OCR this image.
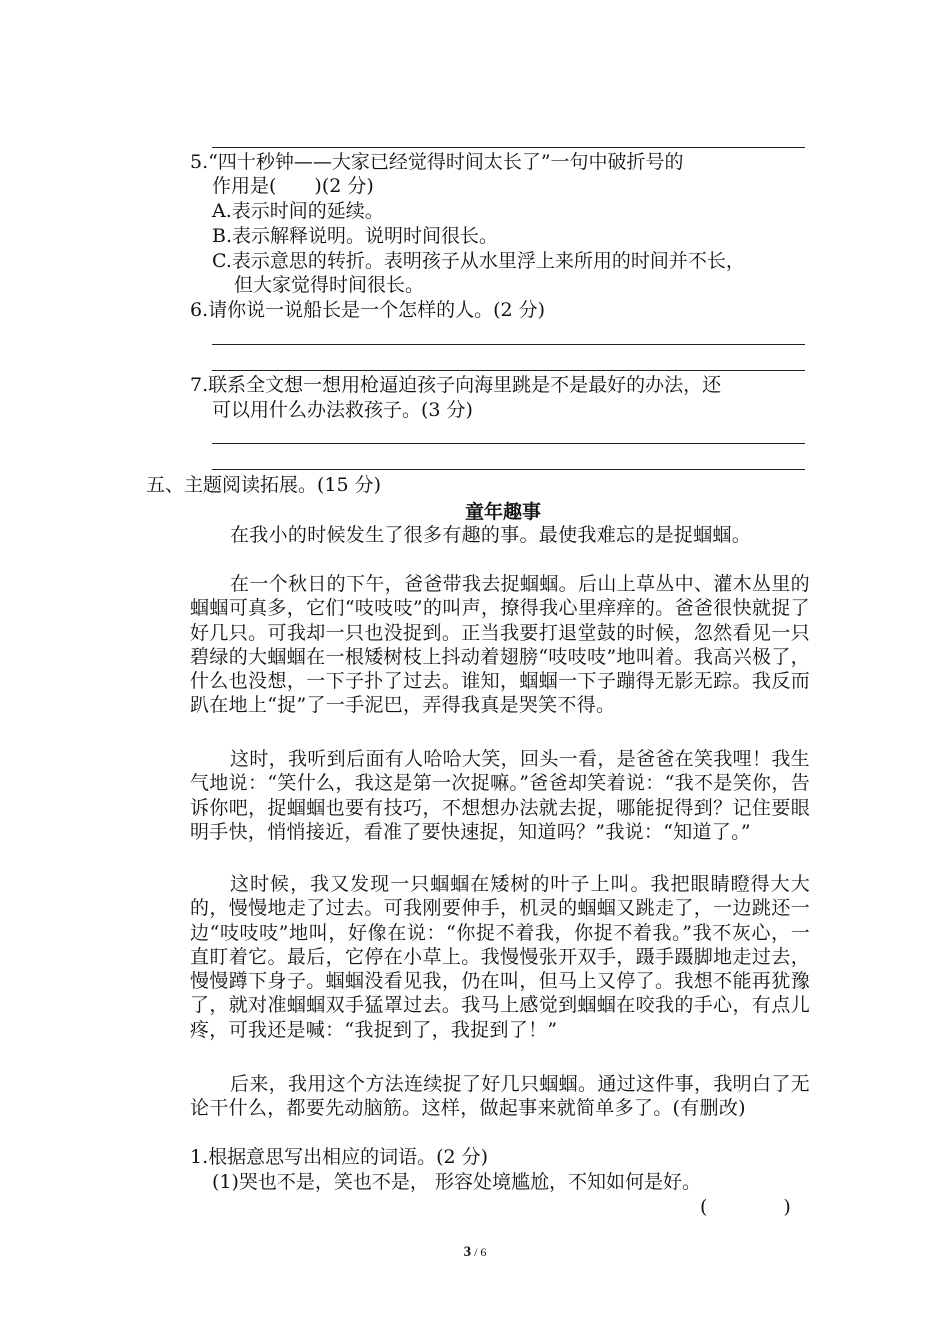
5.“四十秒钟——大家已经觉得时间太长了”一句中破折号的
作用是(　　)(2 分)
A.表示时间的延续。
B.表示解释说明。说明时间很长。
C.表示意思的转折。表明孩子从水里浮上来所用的时间并不长，
但大家觉得时间很长。
6.请你说一说船长是一个怎样的人。(2 分)
7.联系全文想一想用枪逼迫孩子向海里跳是不是最好的办法，还
可以用什么办法救孩子。(3 分)
五、主题阅读拓展。(15 分)
童年趣事
在我小的时候发生了很多有趣的事。最使我难忘的是捉蝈蝈。
在一个秋日的下午，爸爸带我去捉蝈蝈。后山上草丛中、灌木丛里的蝈蝈可真多，它们“吱吱吱”的叫声，撩得我心里痒痒的。爸爸很快就捉了好几只。可我却一只也没捉到。正当我要打退堂鼓的时候，忽然看见一只碧绿的大蝈蝈在一根矮树枝上抖动着翅膀“吱吱吱”地叫着。我高兴极了，什么也没想，一下子扑了过去。谁知，蝈蝈一下子蹦得无影无踪。我反而趴在地上“捉”了一手泥巴，弄得我真是哭笑不得。
这时，我听到后面有人哈哈大笑，回头一看，是爸爸在笑我哩！我生气地说：“笑什么，我这是第一次捉嘛。”爸爸却笑着说：“我不是笑你，告诉你吧，捉蝈蝈也要有技巧，不想想办法就去捉，哪能捉得到？记住要眼明手快，悄悄接近，看准了要快速捉，知道吗？”我说：“知道了。”
这时候，我又发现一只蝈蝈在矮树的叶子上叫。我把眼睛瞪得大大的，慢慢地走了过去。可我刚要伸手，机灵的蝈蝈又跳走了，一边跳还一边“吱吱吱”地叫，好像在说：“你捉不着我，你捉不着我。”我不灰心，一直盯着它。最后，它停在小草上。我慢慢张开双手，蹑手蹑脚地走过去，慢慢蹲下身子。蝈蝈没看见我，仍在叫，但马上又停了。我想不能再犹豫了，就对准蝈蝈双手猛罩过去。我马上感觉到蝈蝈在咬我的手心，有点儿疼，可我还是喊：“我捉到了，我捉到了！”
后来，我用这个方法连续捉了好几只蝈蝈。通过这件事，我明白了无论干什么，都要先动脑筋。这样，做起事来就简单多了。(有删改)
1.根据意思写出相应的词语。(2 分)
(1)哭也不是，笑也不是， 形容处境尴尬，不知如何是好。
(　　　　)
3 / 6
